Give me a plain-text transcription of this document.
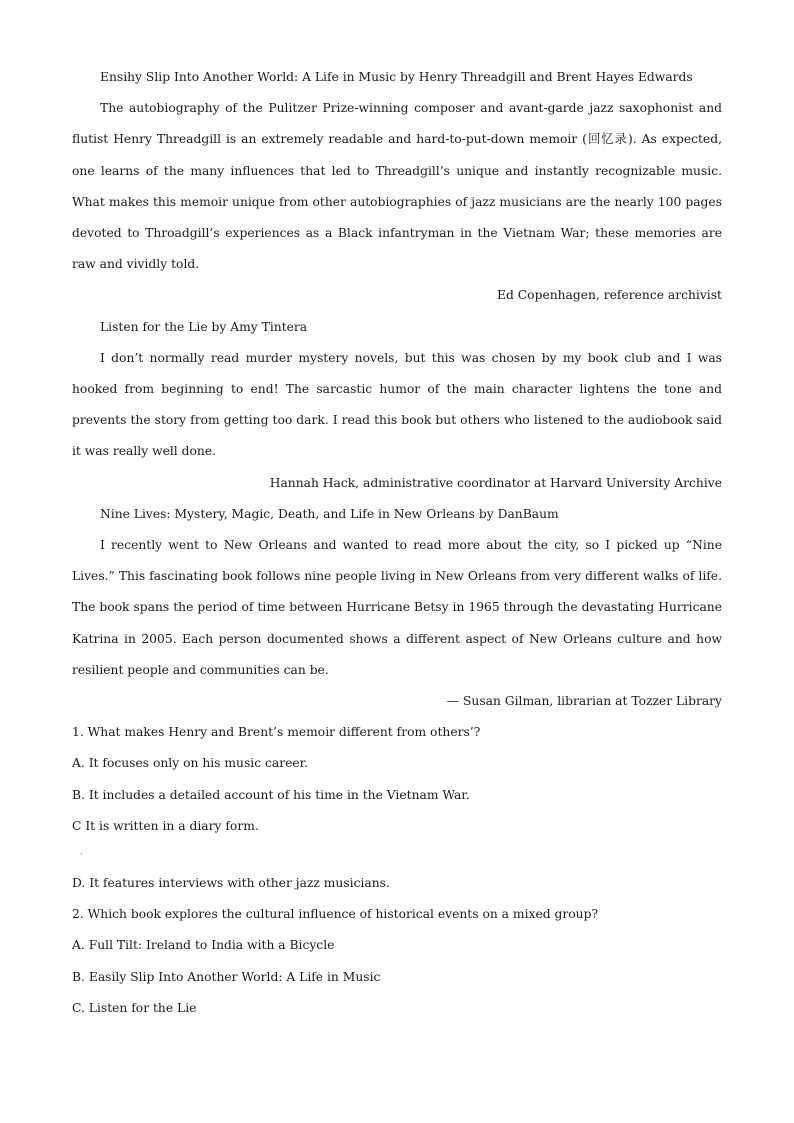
Ensihy Slip Into Another World: A Life in Music by Henry Threadgill and Brent Hayes Edwards

The autobiography of the Pulitzer Prize-winning composer and avant-garde jazz saxophonist and flutist Henry Threadgill is an extremely readable and hard-to-put-down memoir (回忆录). As expected, one learns of the many influences that led to Threadgill’s unique and instantly recognizable music. What makes this memoir unique from other autobiographies of jazz musicians are the nearly 100 pages devoted to Throadgill’s experiences as a Black infantryman in the Vietnam War; these memories are raw and vividly told.

Ed Copenhagen, reference archivist

Listen for the Lie by Amy Tintera

I don’t normally read murder mystery novels, but this was chosen by my book club and I was hooked from beginning to end! The sarcastic humor of the main character lightens the tone and prevents the story from getting too dark. I read this book but others who listened to the audiobook said it was really well done.

Hannah Hack, administrative coordinator at Harvard University Archive

Nine Lives: Mystery, Magic, Death, and Life in New Orleans by DanBaum

I recently went to New Orleans and wanted to read more about the city, so I picked up “Nine Lives.” This fascinating book follows nine people living in New Orleans from very different walks of life. The book spans the period of time between Hurricane Betsy in 1965 through the devastating Hurricane Katrina in 2005. Each person documented shows a different aspect of New Orleans culture and how resilient people and communities can be.

— Susan Gilman, librarian at Tozzer Library

1. What makes Henry and Brent’s memoir different from others’?

A. It focuses only on his music career.

B. It includes a detailed account of his time in the Vietnam War.

C It is written in a diary form.

·

D. It features interviews with other jazz musicians.

2. Which book explores the cultural influence of historical events on a mixed group?

A. Full Tilt: Ireland to India with a Bicycle

B. Easily Slip Into Another World: A Life in Music

C. Listen for the Lie
